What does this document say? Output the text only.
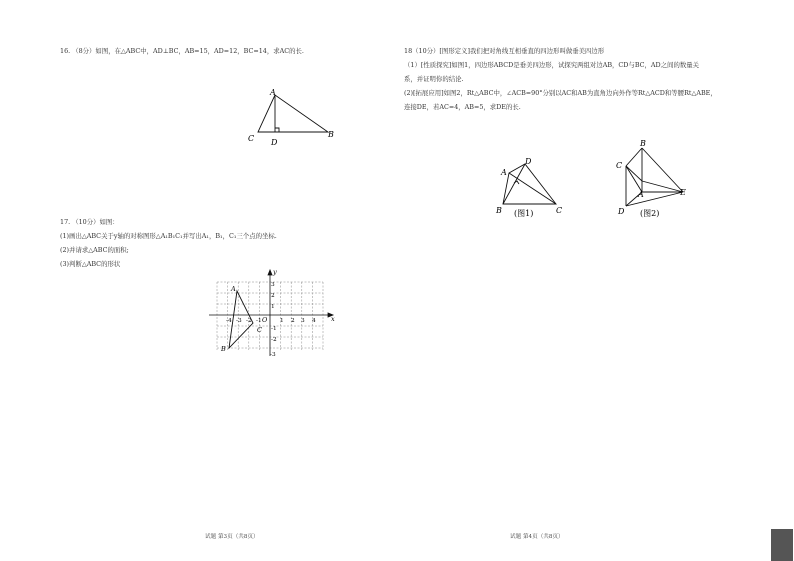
16. （8分）如图，在△ABC中，AD⊥BC，AB=15，AD=12，BC=14，求AC的长.
A
C D
B
17. （10分）如图：
(1)画出△ABC关于y轴的对称图形△A₁B₁C₁并写出A₁，B₁，C₁三个点的坐标.
(2)并请求△ABC的面积;
(3)判断△ABC的形状
y
x
O
-4 -3 -2 -1	1 2 3 4
3
2
1
-1
-2
-3
A
B
C
试题 第3页（共8页）
18（10分）[图形定义]我们把对角线互相垂直的四边形叫做垂美四边形
（1）[性质探究]如图1，四边形ABCD是垂美四边形，试探究两组对边AB，CD与BC，AD之间的数量关
系，并证明你的结论.
(2)[拓展应用]如图2，Rt△ABC中，∠ACB=90°分别以AC和AB为直角边向外作等Rt△ACD和等腰Rt△ABE，
连接DE，若AC=4，AB=5，求DE的长.
A
D
B	C
(图1)
B
C
A	E
D (图2)
试题 第4页（共8页）
